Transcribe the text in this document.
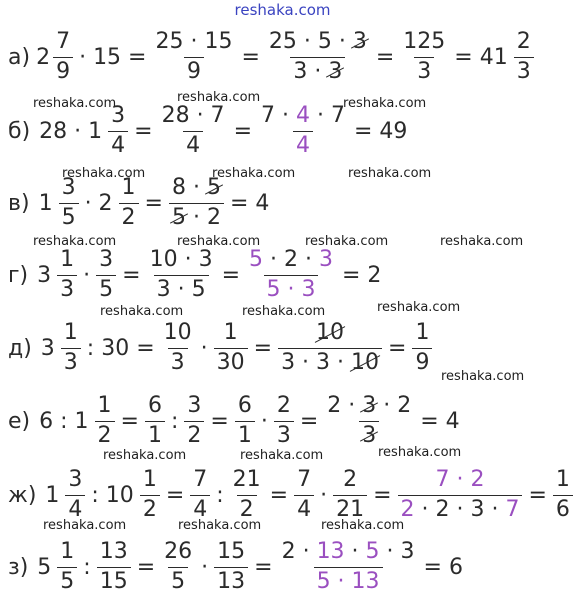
reshaka.com
reshaka.com	reshaka.com	reshaka.com
reshaka.com	reshaka.com	reshaka.com
reshaka.com	reshaka.com	reshaka.com	reshaka.com
reshaka.com	reshaka.com	reshaka.com
reshaka.com
reshaka.com	reshaka.com	reshaka.com
reshaka.com	reshaka.com	reshaka.com
а) $2 \frac{7}{9} \cdot 15 = \frac{25 \cdot 15}{9} = \frac{25 \cdot 5 \cdot 3}{3 \cdot 3} = \frac{125}{3} = 41 \frac{2}{3}$
б) $28 \cdot 1 \frac{3}{4} = \frac{28 \cdot 7}{4} = \frac{7 \cdot 4 \cdot 7}{4} = 49$
в) $1 \frac{3}{5} \cdot 2 \frac{1}{2} = \frac{8 \cdot 5}{5 \cdot 2} = 4$
г) $3 \frac{1}{3} \cdot \frac{3}{5} = \frac{10 \cdot 3}{3 \cdot 5} = \frac{5 \cdot 2 \cdot 3}{5 \cdot 3} = 2$
д) $3 \frac{1}{3}$ : $30 = \frac{10}{3} \cdot \frac{1}{30} = \frac{10}{3 \cdot 3 \cdot 10} = \frac{1}{9}$
е) 6 : $1 \frac{1}{2} = \frac{6}{1}$ : $\frac{3}{2} = \frac{6}{1} \cdot \frac{2}{3} = \frac{2 \cdot 3 \cdot 2}{3} = 4$
ж) $1 \frac{3}{4}$ : $10 \frac{1}{2} = \frac{7}{4}$ : $\frac{21}{2} = \frac{7}{4} \cdot \frac{2}{21} = \frac{7 \cdot 2}{2 \cdot 2 \cdot 3 \cdot 7} = \frac{1}{6}$
з) $5 \frac{1}{5}$ : $\frac{13}{15} = \frac{26}{5} \cdot \frac{15}{13} = \frac{2 \cdot 13 \cdot 5 \cdot 3}{5 \cdot 13} = 6$
